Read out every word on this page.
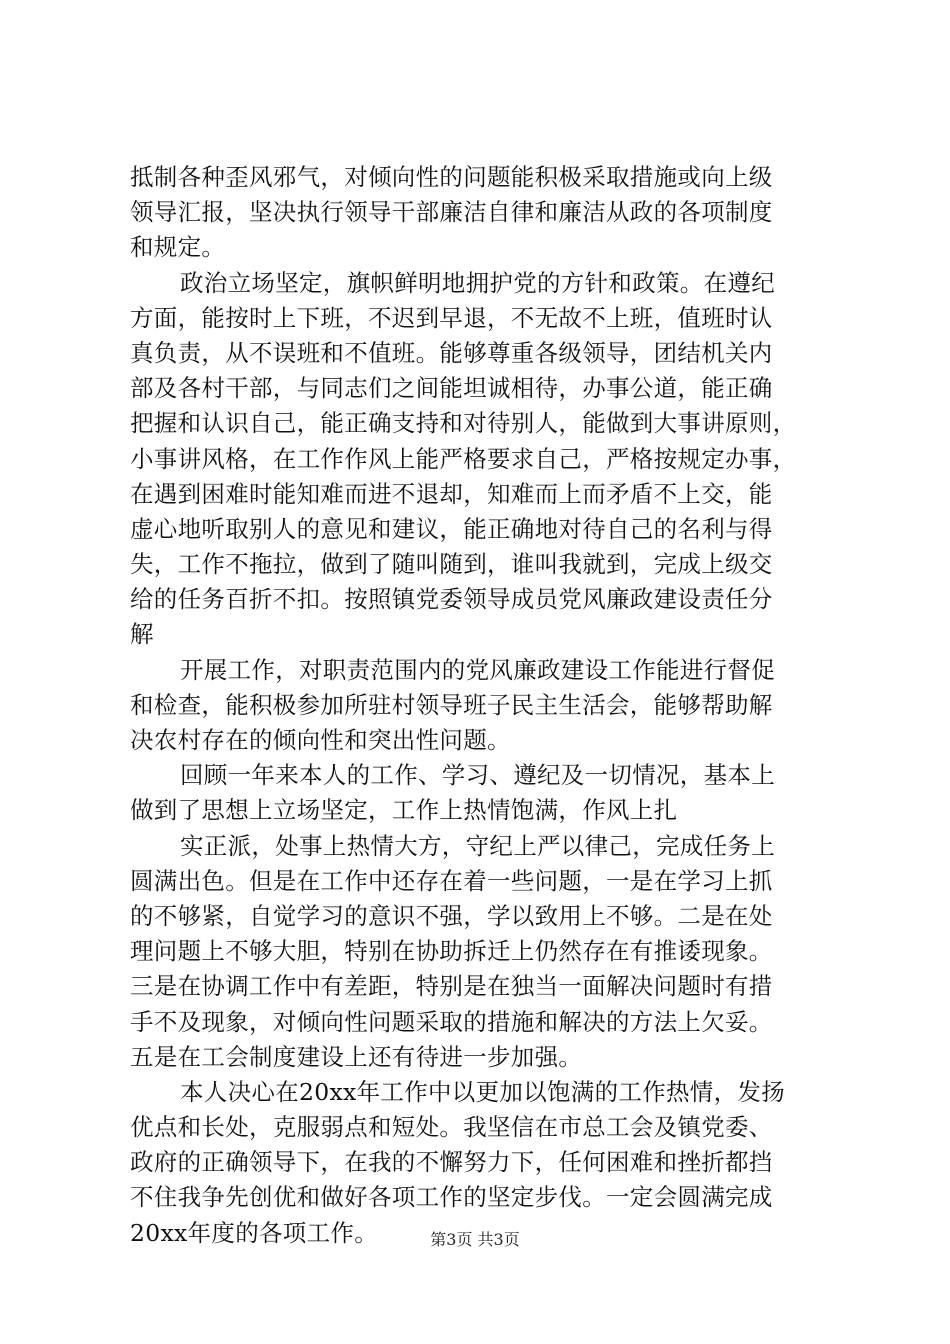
抵制各种歪风邪气，对倾向性的问题能积极采取措施或向上级
领导汇报，坚决执行领导干部廉洁自律和廉洁从政的各项制度
和规定。
政治立场坚定，旗帜鲜明地拥护党的方针和政策。在遵纪
方面，能按时上下班，不迟到早退，不无故不上班，值班时认
真负责，从不误班和不值班。能够尊重各级领导，团结机关内
部及各村干部，与同志们之间能坦诚相待，办事公道，能正确
把握和认识自己，能正确支持和对待别人，能做到大事讲原则，
小事讲风格，在工作作风上能严格要求自己，严格按规定办事，
在遇到困难时能知难而进不退却，知难而上而矛盾不上交，能
虚心地听取别人的意见和建议，能正确地对待自己的名利与得
失，工作不拖拉，做到了随叫随到，谁叫我就到，完成上级交
给的任务百折不扣。按照镇党委领导成员党风廉政建设责任分
解
开展工作，对职责范围内的党风廉政建设工作能进行督促
和检查，能积极参加所驻村领导班子民主生活会，能够帮助解
决农村存在的倾向性和突出性问题。
回顾一年来本人的工作、学习、遵纪及一切情况，基本上
做到了思想上立场坚定，工作上热情饱满，作风上扎
实正派，处事上热情大方，守纪上严以律己，完成任务上
圆满出色。但是在工作中还存在着一些问题，一是在学习上抓
的不够紧，自觉学习的意识不强，学以致用上不够。二是在处
理问题上不够大胆，特别在协助拆迁上仍然存在有推诿现象。
三是在协调工作中有差距，特别是在独当一面解决问题时有措
手不及现象，对倾向性问题采取的措施和解决的方法上欠妥。
五是在工会制度建设上还有待进一步加强。
本人决心在20xx年工作中以更加以饱满的工作热情，发扬
优点和长处，克服弱点和短处。我坚信在市总工会及镇党委、
政府的正确领导下，在我的不懈努力下，任何困难和挫折都挡
不住我争先创优和做好各项工作的坚定步伐。一定会圆满完成
20xx年度的各项工作。	第3页 共3页
